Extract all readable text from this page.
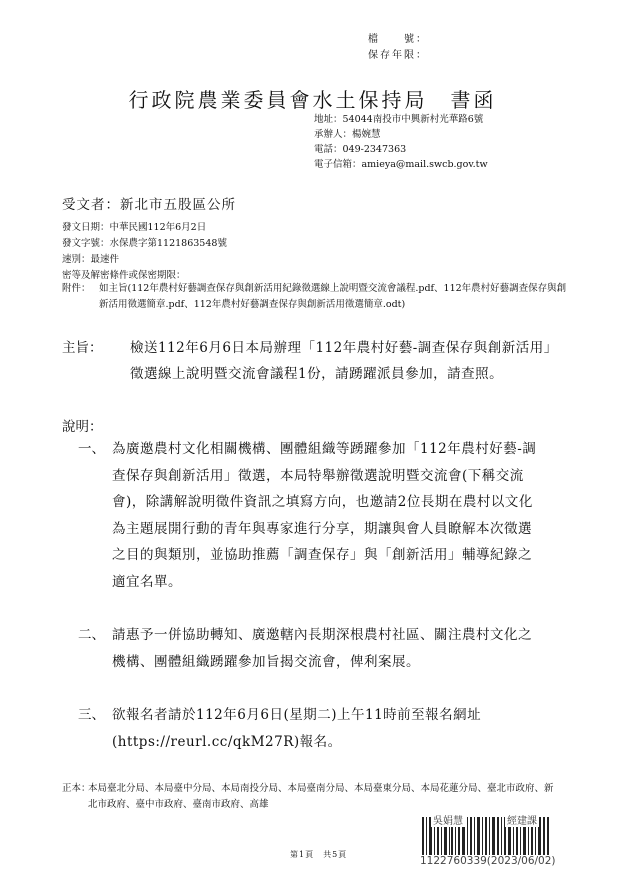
檔　　號：
保存年限：
行政院農業委員會水土保持局　書函
地址：54044南投市中興新村光華路6號
承辦人：楊婉慧
電話：049-2347363
電子信箱：amieya@mail.swcb.gov.tw
受文者：新北市五股區公所
發文日期：中華民國112年6月2日
發文字號：水保農字第1121863548號
速別：最速件
密等及解密條件或保密期限：
附件： 如主旨(112年農村好藝調查保存與創新活用紀錄徵選線上說明暨交流會議程.pdf、112年農村好藝調查保存與創新活用徵選簡章.pdf、112年農村好藝調查保存與創新活用徵選簡章.odt)
主旨： 檢送112年6月6日本局辦理「112年農村好藝-調查保存與創新活用」徵選線上說明暨交流會議程1份，請踴躍派員參加，請查照。
說明：
一、 為廣邀農村文化相關機構、團體組織等踴躍參加「112年農村好藝-調查保存與創新活用」徵選，本局特舉辦徵選說明暨交流會(下稱交流會)，除講解說明徵件資訊之填寫方向，也邀請2位長期在農村以文化為主題展開行動的青年與專家進行分享，期讓與會人員瞭解本次徵選之目的與類別，並協助推薦「調查保存」與「創新活用」輔導紀錄之適宜名單。
二、 請惠予一併協助轉知、廣邀轄內長期深根農村社區、關注農村文化之機構、團體組織踴躍參加旨揭交流會，俾利案展。
三、 欲報名者請於112年6月6日(星期二)上午11時前至報名網址(https://reurl.cc/qkM27R)報名。
正本：
本局臺北分局、本局臺中分局、本局南投分局、本局臺南分局、本局臺東分局、本局花蓮分局、臺北市政府、新北市政府、臺中市政府、臺南市政府、高雄
第1頁　共5頁
吳娟慧	經建課
1122760339(2023/06/02)
